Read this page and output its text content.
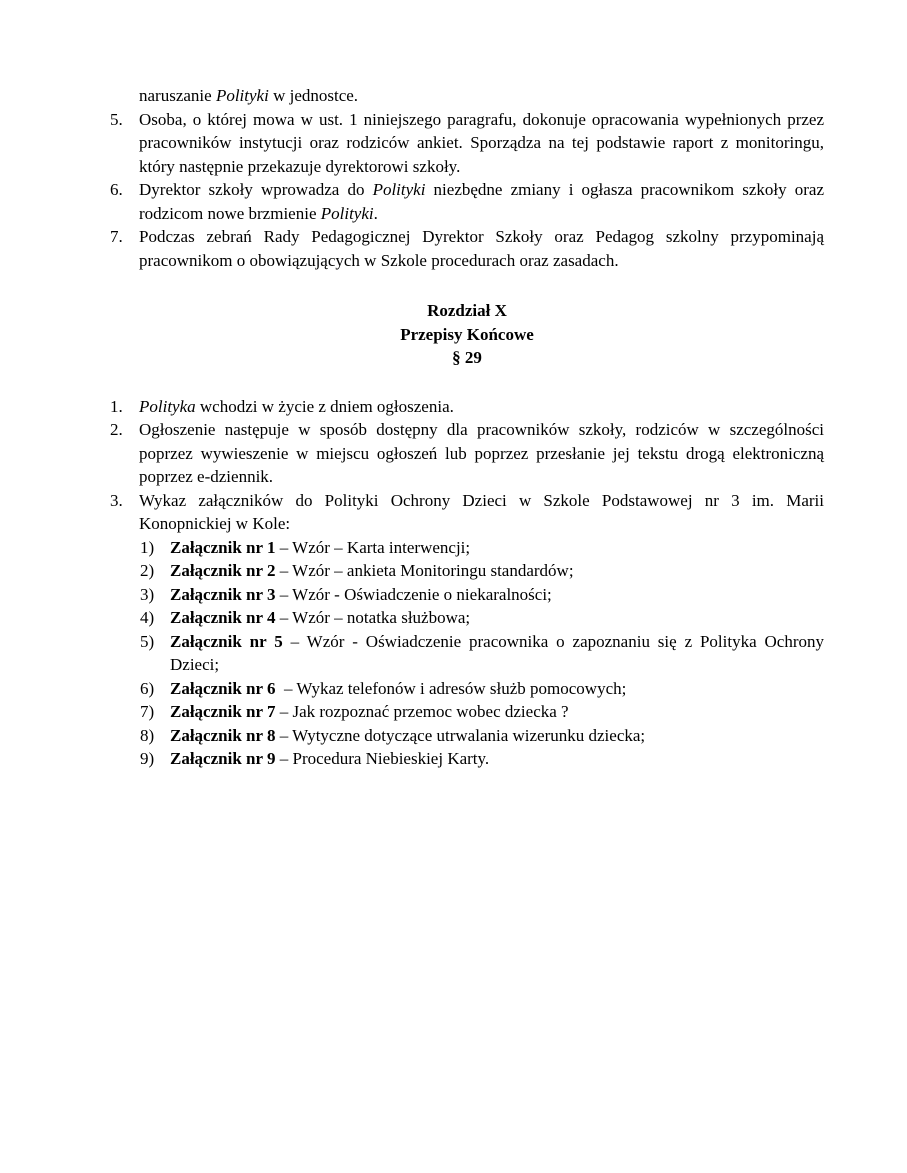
naruszanie Polityki w jednostce.
5. Osoba, o której mowa w ust. 1 niniejszego paragrafu, dokonuje opracowania wypełnionych przez pracowników instytucji oraz rodziców ankiet. Sporządza na tej podstawie raport z monitoringu, który następnie przekazuje dyrektorowi szkoły.
6. Dyrektor szkoły wprowadza do Polityki niezbędne zmiany i ogłasza pracownikom szkoły oraz rodzicom nowe brzmienie Polityki.
7. Podczas zebrań Rady Pedagogicznej Dyrektor Szkoły oraz Pedagog szkolny przypominają pracownikom o obowiązujących w Szkole procedurach oraz zasadach.
Rozdział X
Przepisy Końcowe
§ 29
1. Polityka wchodzi w życie z dniem ogłoszenia.
2. Ogłoszenie następuje w sposób dostępny dla pracowników szkoły, rodziców w szczególności poprzez wywieszenie w miejscu ogłoszeń lub poprzez przesłanie jej tekstu drogą elektroniczną poprzez e-dziennik.
3. Wykaz załączników do Polityki Ochrony Dzieci w Szkole Podstawowej nr 3 im. Marii Konopnickiej w Kole:
1) Załącznik nr 1 – Wzór – Karta interwencji;
2) Załącznik nr 2 – Wzór – ankieta Monitoringu standardów;
3) Załącznik nr 3 – Wzór - Oświadczenie o niekaralności;
4) Załącznik nr 4 – Wzór – notatka służbowa;
5) Załącznik nr 5 – Wzór - Oświadczenie pracownika o zapoznaniu się z Polityka Ochrony Dzieci;
6) Załącznik nr 6  – Wykaz telefonów i adresów służb pomocowych;
7) Załącznik nr 7 – Jak rozpoznać przemoc wobec dziecka ?
8) Załącznik nr 8 – Wytyczne dotyczące utrwalania wizerunku dziecka;
9) Załącznik nr 9 – Procedura Niebieskiej Karty.
